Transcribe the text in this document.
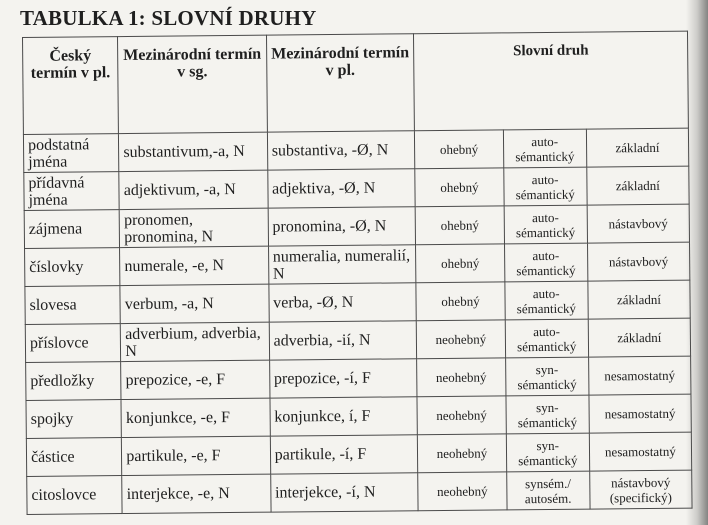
TABULKA 1: SLOVNÍ DRUHY
Český termín v pl.	Mezinárodní termín v sg.	Mezinárodní termín v pl.	Slovní druh		
podstatná jména	substantivum,-a, N	substantiva, -Ø, N	ohebný	auto-sémantický	základní
přídavná jména	adjektivum, -a, N	adjektiva, -Ø, N	ohebný	auto-sémantický	základní
zájmena	pronomen, pronomina, N	pronomina, -Ø, N	ohebný	auto-sémantický	nástavbový
číslovky	numerale, -e, N	numeralia, numeralií, N	ohebný	auto-sémantický	nástavbový
slovesa	verbum, -a, N	verba, -Ø, N	ohebný	auto-sémantický	základní
příslovce	adverbium, adverbia, N	adverbia, -ií, N	neohebný	auto-sémantický	základní
předložky	prepozice, -e, F	prepozice, -í, F	neohebný	syn-sémantický	nesamostatný
spojky	konjunkce, -e, F	konjunkce, í, F	neohebný	syn-sémantický	nesamostatný
částice	partikule, -e, F	partikule, -í, F	neohebný	syn-sémantický	nesamostatný
citoslovce	interjekce, -e, N	interjekce, -í, N	neohebný	synsém./ autosém.	nástavbový (specifický)
